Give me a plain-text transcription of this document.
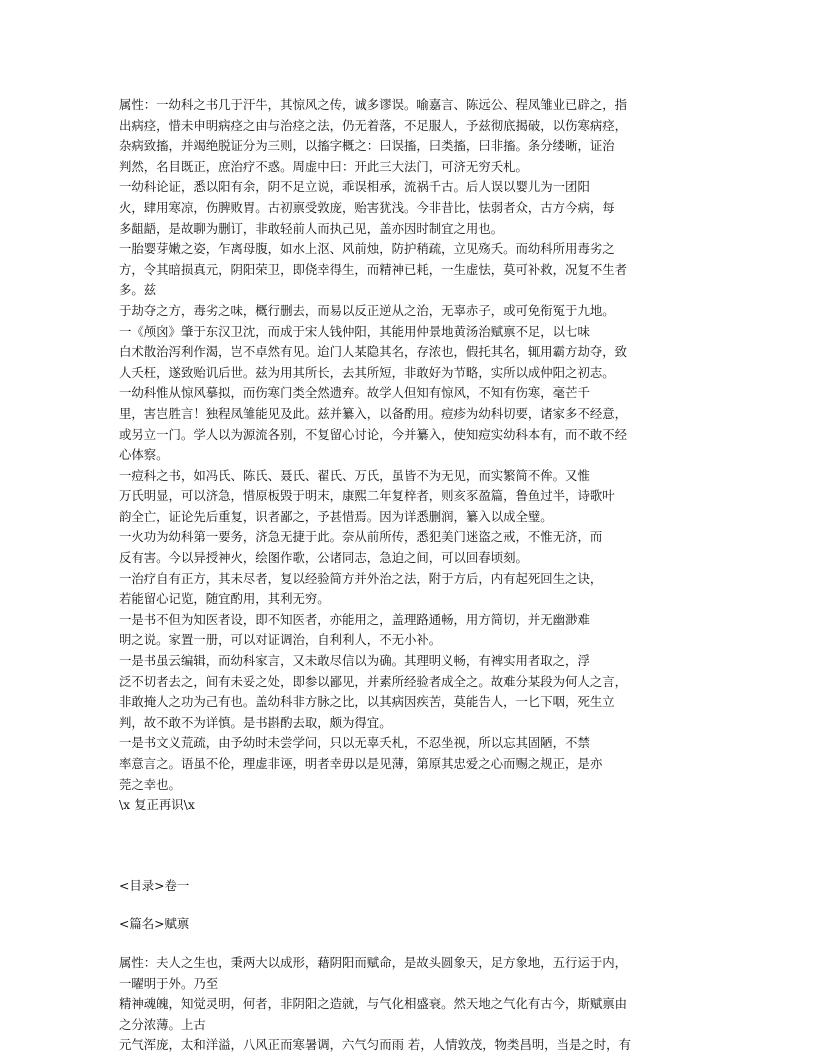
属性：一幼科之书几于汗牛，其惊风之传，诚多谬误。喻嘉言、陈远公、程凤雏业已辟之，指
出病痉，惜未申明病痉之由与治痉之法，仍无着落，不足服人，予兹彻底揭破，以伤寒病痉，
杂病致搐，并竭绝脱证分为三则，以搐字概之：曰误搐，曰类搐，曰非搐。条分缕晰，证治
判然，名目既正，庶治疗不惑。周虚中曰：开此三大法门，可济无穷夭札。
一幼科论证，悉以阳有余，阴不足立说，乖误相承，流祸千古。后人误以婴儿为一团阳
火，肆用寒凉，伤脾败胃。古初禀受敦庞，贻害犹浅。今非昔比，怯弱者众，古方今病，每
多龃龉，是故聊为删订，非敢轻前人而执己见，盖亦因时制宜之用也。
一胎婴芽嫩之姿，乍离母腹，如水上沤、风前烛，防护稍疏，立见殇夭。而幼科所用毒劣之
方，令其暗损真元，阴阳荣卫，即侥幸得生，而精神已耗，一生虚怯，莫可补救，况复不生者
多。兹
于劫夺之方，毒劣之味，概行删去，而易以反正逆从之治，无辜赤子，或可免衔冤于九地。
一《颅囟》肇于东汉卫沈，而成于宋人钱仲阳，其能用仲景地黄汤治赋禀不足，以七味
白术散治泻利作渴，岂不卓然有见。迨门人某隐其名，存浓也，假托其名，辄用霸方劫夺，致
人夭枉，遂致贻讥后世。兹为用其所长，去其所短，非敢好为节略，实所以成仲阳之初志。
一幼科惟从惊风摹拟，而伤寒门类全然遗弃。故学人但知有惊风，不知有伤寒，毫芒千
里，害岂胜言！独程凤雏能见及此。兹并纂入，以备酌用。痘疹为幼科切要，诸家多不经意，
或另立一门。学人以为源流各别，不复留心讨论，今并纂入，使知痘实幼科本有，而不敢不经
心体察。
一痘科之书，如冯氏、陈氏、聂氏、翟氏、万氏，虽皆不为无见，而实繁简不侔。又惟
万氏明显，可以济急，惜原板毁于明末，康熙二年复梓者，则亥豕盈篇，鲁鱼过半，诗歌叶
韵全亡，证论先后重复，识者鄙之，予甚惜焉。因为详悉删润，纂入以成全璧。
一火功为幼科第一要务，济急无捷于此。奈从前所传，悉犯美门迷盗之戒，不惟无济，而
反有害。今以异授神火，绘图作歌，公诸同志，急迫之间，可以回春顷刻。
一治疗自有正方，其未尽者，复以经验简方并外治之法，附于方后，内有起死回生之诀，
若能留心记览，随宜酌用，其利无穷。
一是书不但为知医者设，即不知医者，亦能用之，盖理路通畅，用方简切，并无幽渺难
明之说。家置一册，可以对证调治，自利利人，不无小补。
一是书虽云编辑，而幼科家言，又未敢尽信以为确。其理明义畅，有裨实用者取之，浮
泛不切者去之，间有未妥之处，即参以鄙见，并素所经验者成全之。故难分某段为何人之言，
非敢掩人之功为己有也。盖幼科非方脉之比，以其病因疾苦，莫能告人，一匕下咽，死生立
判，故不敢不为详慎。是书斟酌去取，颇为得宜。
一是书文义荒疏，由予幼时未尝学问，只以无辜夭札，不忍坐视，所以忘其固陋，不禁
率意言之。语虽不伦，理虚非诬，明者幸毋以是见薄，第原其忠爱之心而赐之规正，是亦
莞之幸也。
\x 复正再识\x

<目录>卷一

<篇名>赋禀

属性：夫人之生也，秉两大以成形，藉阴阳而赋命，是故头圆象天，足方象地，五行运于内，
一曜明于外。乃至
精神魂魄，知觉灵明，何者，非阴阳之造就，与气化相盛衰。然天地之气化有古今，斯赋禀由
之分浓薄。上古
元气浑庞，太和洋溢，八风正而寒暑调，六气匀而雨 若，人情敦茂，物类昌明，当是之时，有
